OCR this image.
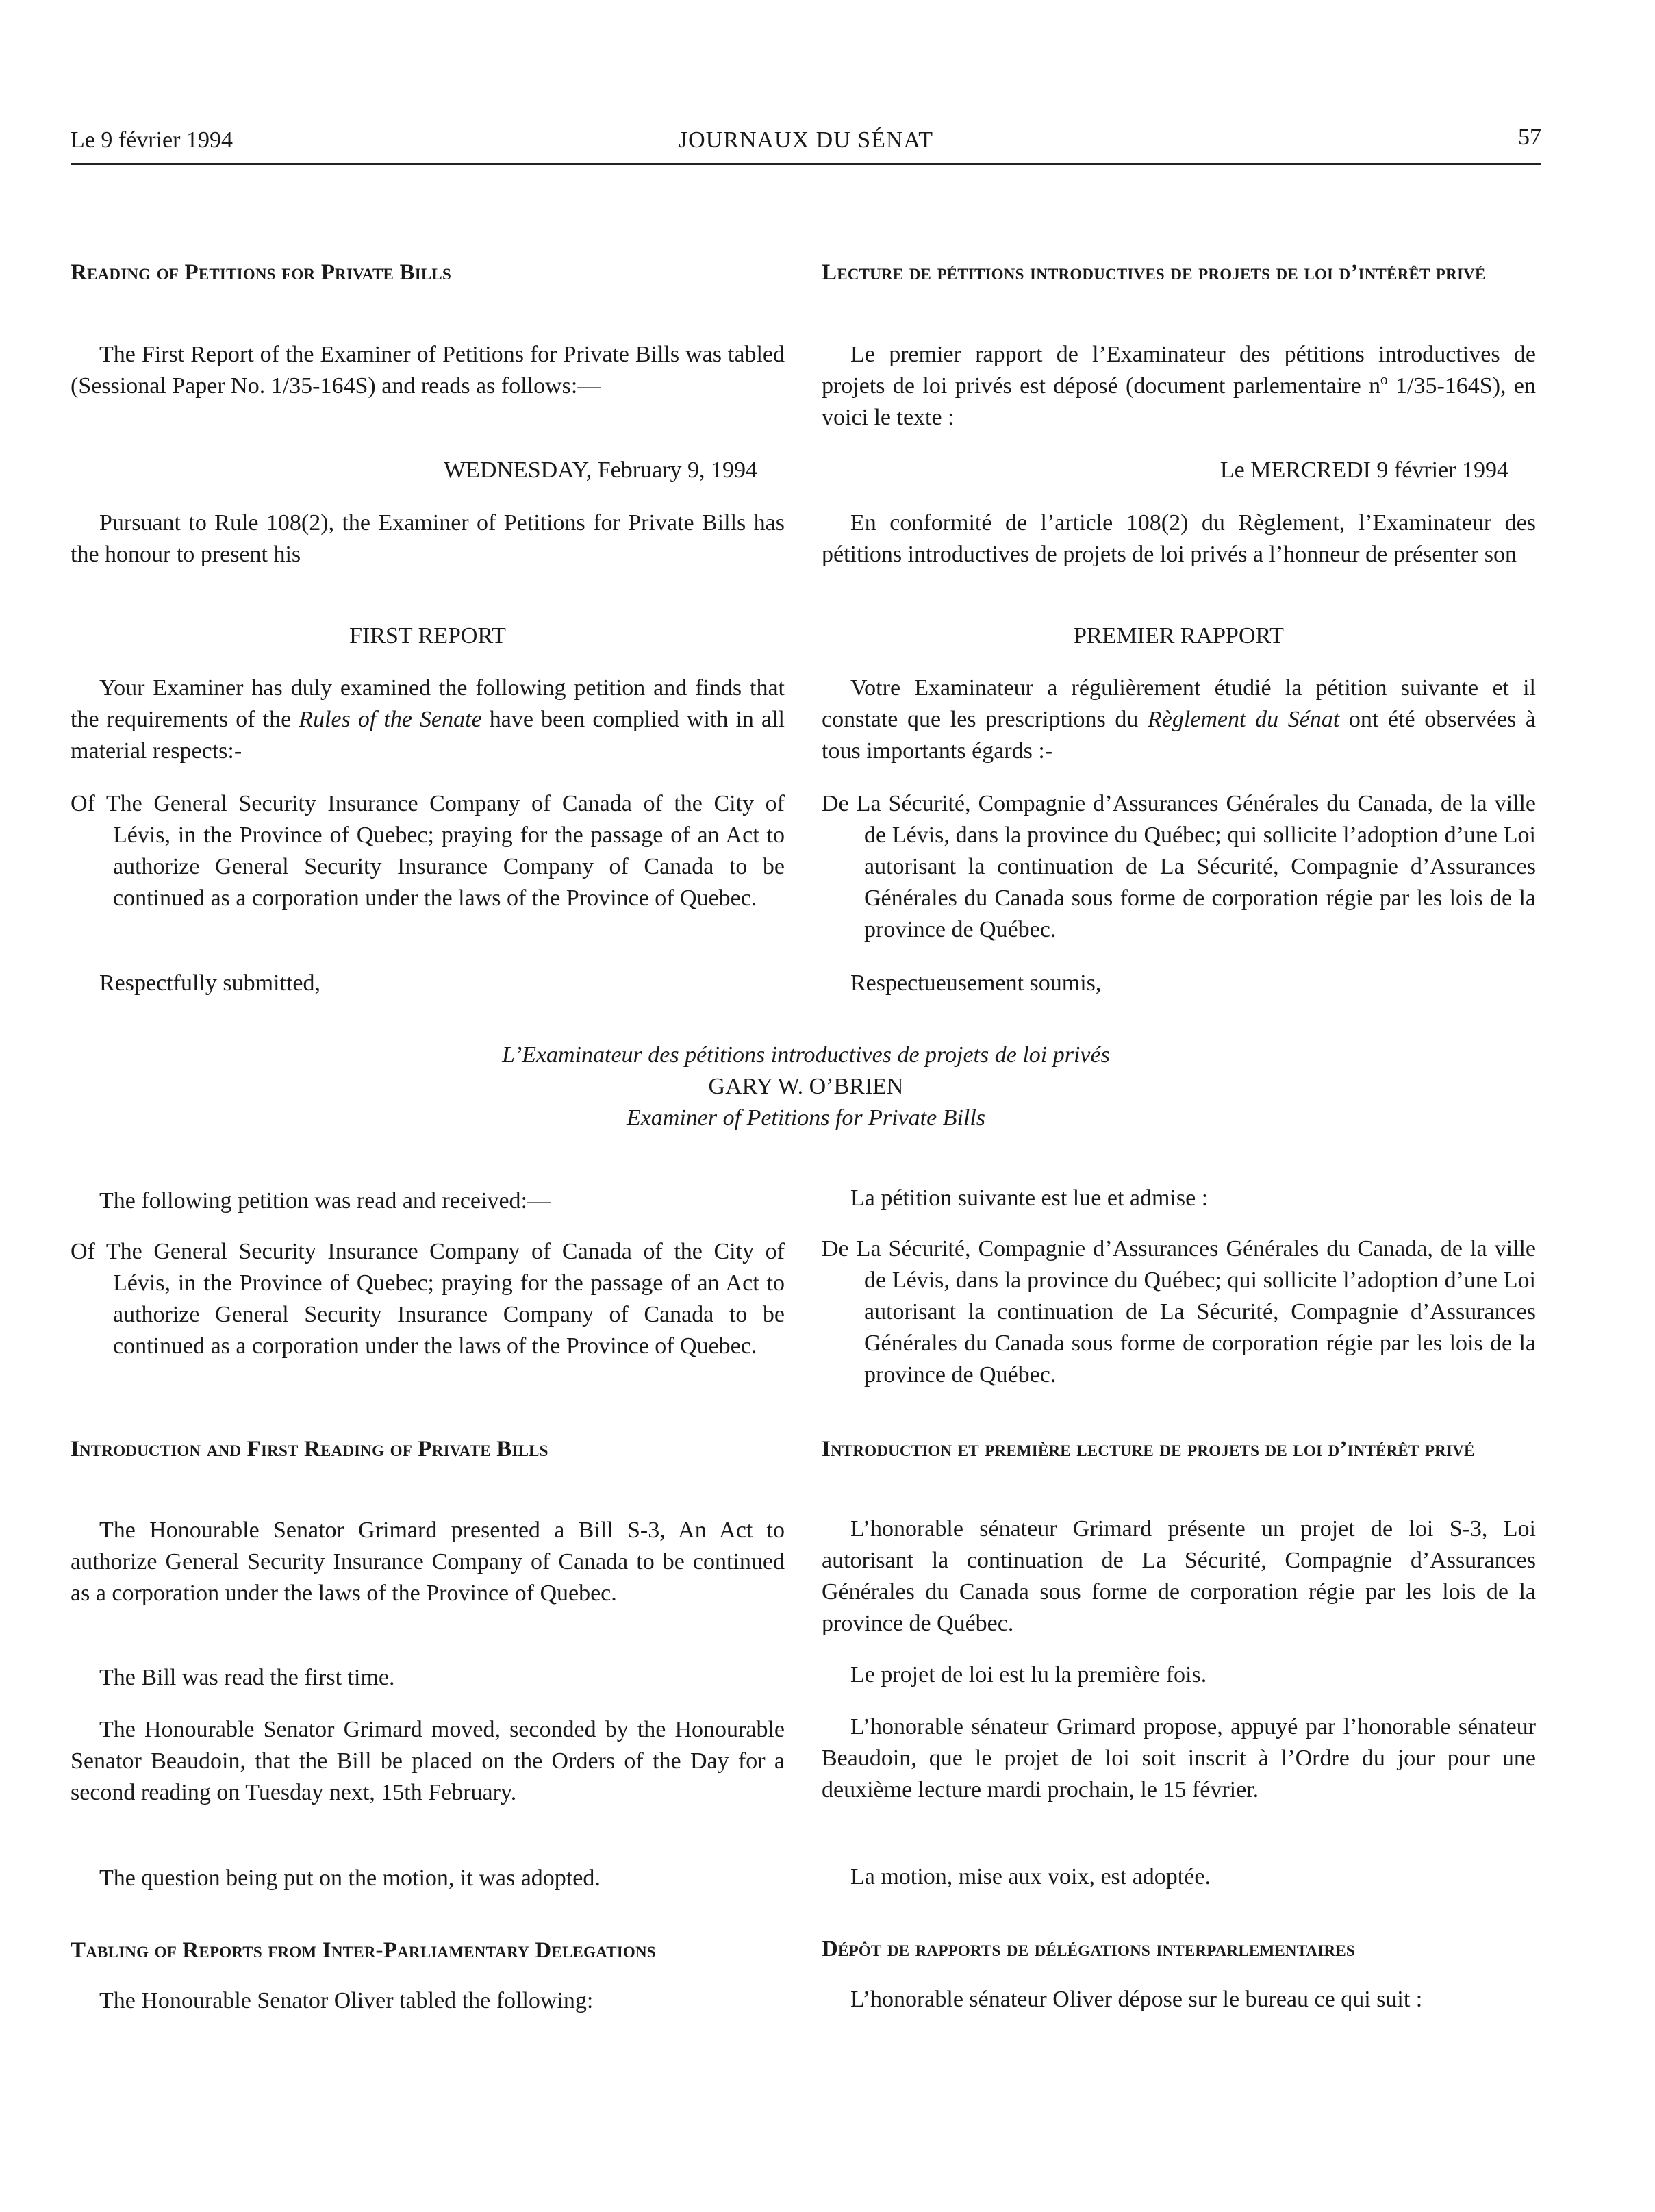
Le 9 février 1994	JOURNAUX DU SÉNAT	57

Reading of Petitions for Private Bills

The First Report of the Examiner of Petitions for Private Bills was tabled (Sessional Paper No. 1/35-164S) and reads as follows:—

WEDNESDAY, February 9, 1994

Pursuant to Rule 108(2), the Examiner of Petitions for Private Bills has the honour to present his

FIRST REPORT

Your Examiner has duly examined the following petition and finds that the requirements of the Rules of the Senate have been complied with in all material respects:-

Of The General Security Insurance Company of Canada of the City of Lévis, in the Province of Quebec; praying for the passage of an Act to authorize General Security Insurance Company of Canada to be continued as a corporation under the laws of the Province of Quebec.

Respectfully submitted,

L’Examinateur des pétitions introductives de projets de loi privés
GARY W. O’BRIEN
Examiner of Petitions for Private Bills

The following petition was read and received:—

Of The General Security Insurance Company of Canada of the City of Lévis, in the Province of Quebec; praying for the passage of an Act to authorize General Security Insurance Company of Canada to be continued as a corporation under the laws of the Province of Quebec.

Introduction and First Reading of Private Bills

The Honourable Senator Grimard presented a Bill S-3, An Act to authorize General Security Insurance Company of Canada to be continued as a corporation under the laws of the Province of Quebec.

The Bill was read the first time.

The Honourable Senator Grimard moved, seconded by the Honourable Senator Beaudoin, that the Bill be placed on the Orders of the Day for a second reading on Tuesday next, 15th February.

The question being put on the motion, it was adopted.

Tabling of Reports from Inter-Parliamentary Delegations

The Honourable Senator Oliver tabled the following:

Lecture de pétitions introductives de projets de loi d’intérêt privé

Le premier rapport de l’Examinateur des pétitions introductives de projets de loi privés est déposé (document parlementaire nº 1/35-164S), en voici le texte :

Le MERCREDI 9 février 1994

En conformité de l’article 108(2) du Règlement, l’Examinateur des pétitions introductives de projets de loi privés a l’honneur de présenter son

PREMIER RAPPORT

Votre Examinateur a régulièrement étudié la pétition suivante et il constate que les prescriptions du Règlement du Sénat ont été observées à tous importants égards :-

De La Sécurité, Compagnie d’Assurances Générales du Canada, de la ville de Lévis, dans la province du Québec; qui sollicite l’adoption d’une Loi autorisant la continuation de La Sécurité, Compagnie d’Assurances Générales du Canada sous forme de corporation régie par les lois de la province de Québec.

Respectueusement soumis,

La pétition suivante est lue et admise :

De La Sécurité, Compagnie d’Assurances Générales du Canada, de la ville de Lévis, dans la province du Québec; qui sollicite l’adoption d’une Loi autorisant la continuation de La Sécurité, Compagnie d’Assurances Générales du Canada sous forme de corporation régie par les lois de la province de Québec.

Introduction et première lecture de projets de loi d’intérêt privé

L’honorable sénateur Grimard présente un projet de loi S-3, Loi autorisant la continuation de La Sécurité, Compagnie d’Assurances Générales du Canada sous forme de corporation régie par les lois de la province de Québec.

Le projet de loi est lu la première fois.

L’honorable sénateur Grimard propose, appuyé par l’honorable sénateur Beaudoin, que le projet de loi soit inscrit à l’Ordre du jour pour une deuxième lecture mardi prochain, le 15 février.

La motion, mise aux voix, est adoptée.

Dépôt de rapports de délégations interparlementaires

L’honorable sénateur Oliver dépose sur le bureau ce qui suit :
